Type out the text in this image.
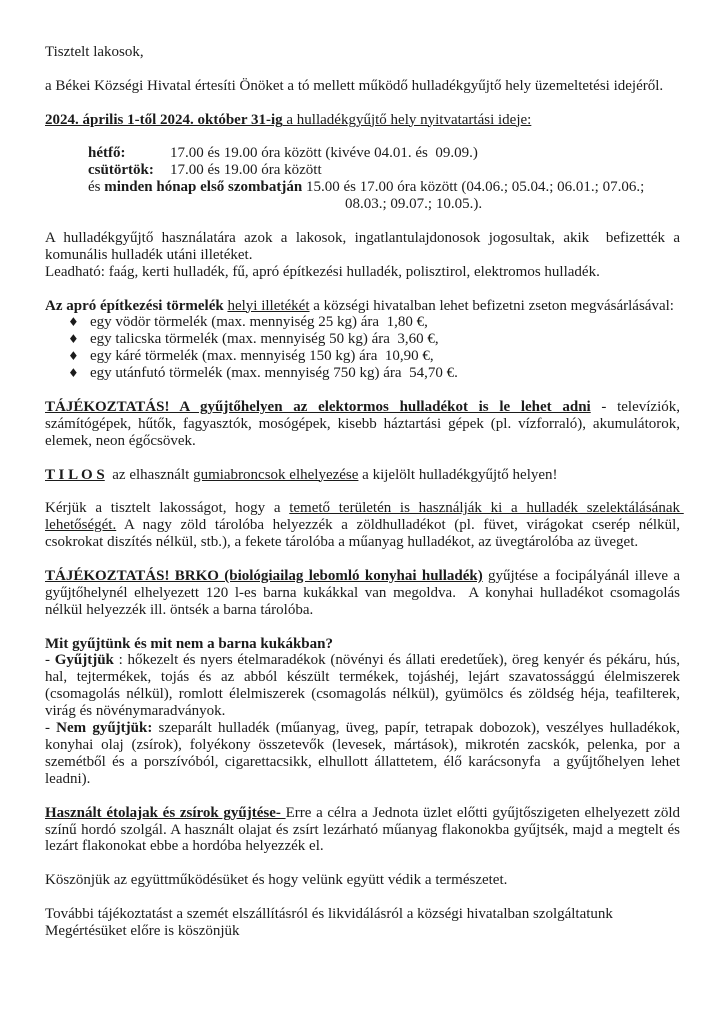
Tisztelt lakosok,
a Békei Községi Hivatal értesíti Önöket a tó mellett működő hulladékgyűjtő hely üzemeltetési idejéről.
2024. április 1-től 2024. október 31-ig a hulladékgyűjtő hely nyitvatartási ideje:
hétfő:	17.00 és 19.00 óra között (kivéve 04.01. és  09.09.)
csütörtök: 17.00 és 19.00 óra között
és minden hónap első szombatján 15.00 és 17.00 óra között (04.06.; 05.04.; 06.01.; 07.06.;
08.03.; 09.07.; 10.05.).
A hulladékgyűjtő használatára azok a lakosok, ingatlantulajdonosok jogosultak, akik  befizették a komunális hulladék utáni illetéket.
Leadható: faág, kerti hulladék, fű, apró építkezési hulladék, polisztirol, elektromos hulladék.
Az apró építkezési törmelék helyi illetékét a községi hivatalban lehet befizetni zseton megvásárlásával:
♦ egy vödör törmelék (max. mennyiség 25 kg) ára  1,80 €,
♦ egy talicska törmelék (max. mennyiség 50 kg) ára  3,60 €,
♦ egy káré törmelék (max. mennyiség 150 kg) ára  10,90 €,
♦ egy utánfutó törmelék (max. mennyiség 750 kg) ára  54,70 €.
TÁJÉKOZTATÁS! A gyűjtőhelyen az elektormos hulladékot is le lehet adni - televíziók, számítógépek, hűtők, fagyasztók, mosógépek, kisebb háztartási gépek (pl. vízforraló), akumulátorok, elemek, neon égőcsövek.
T I L O S  az elhasznált gumiabroncsok elhelyezése a kijelölt hulladékgyűjtő helyen!
Kérjük a tisztelt lakosságot, hogy a temető területén is használják ki a hulladék szelektálásának lehetőségét. A nagy zöld tárolóba helyezzék a zöldhulladékot (pl. füvet, virágokat cserép nélkül, csokrokat diszítés nélkül, stb.), a fekete tárolóba a műanyag hulladékot, az üvegtárolóba az üveget.
TÁJÉKOZTATÁS! BRKO (biológiailag lebomló konyhai hulladék) gyűjtése a focipályánál illeve a gyűjtőhelynél elhelyezett 120 l-es barna kukákkal van megoldva.  A konyhai hulladékot csomagolás nélkül helyezzék ill. öntsék a barna tárolóba.
Mit gyűjtünk és mit nem a barna kukákban?
- Gyűjtjük : hőkezelt és nyers ételmaradékok (növényi és állati eredetűek), öreg kenyér és pékáru, hús, hal, tejtermékek, tojás és az abból készült termékek, tojáshéj, lejárt szavatossággú élelmiszerek (csomagolás nélkül), romlott élelmiszerek (csomagolás nélkül), gyümölcs és zöldség héja, teafilterek, virág és növénymaradványok.
- Nem gyűjtjük: szeparált hulladék (műanyag, üveg, papír, tetrapak dobozok), veszélyes hulladékok, konyhai olaj (zsírok), folyékony összetevők (levesek, mártások), mikrotén zacskók, pelenka, por a szemétből és a porszívóból, cigarettacsikk, elhullott állattetem, élő karácsonyfa  a gyűjtőhelyen lehet leadni).
Használt étolajak és zsírok gyűjtése- Erre a célra a Jednota üzlet előtti gyűjtőszigeten elhelyezett zöld színű hordó szolgál. A használt olajat és zsírt lezárható műanyag flakonokba gyűjtsék, majd a megtelt és lezárt flakonokat ebbe a hordóba helyezzék el.
Köszönjük az együttműködésüket és hogy velünk együtt védik a természetet.
További tájékoztatást a szemét elszállításról és likvidálásról a községi hivatalban szolgáltatunk
Megértésüket előre is köszönjük
